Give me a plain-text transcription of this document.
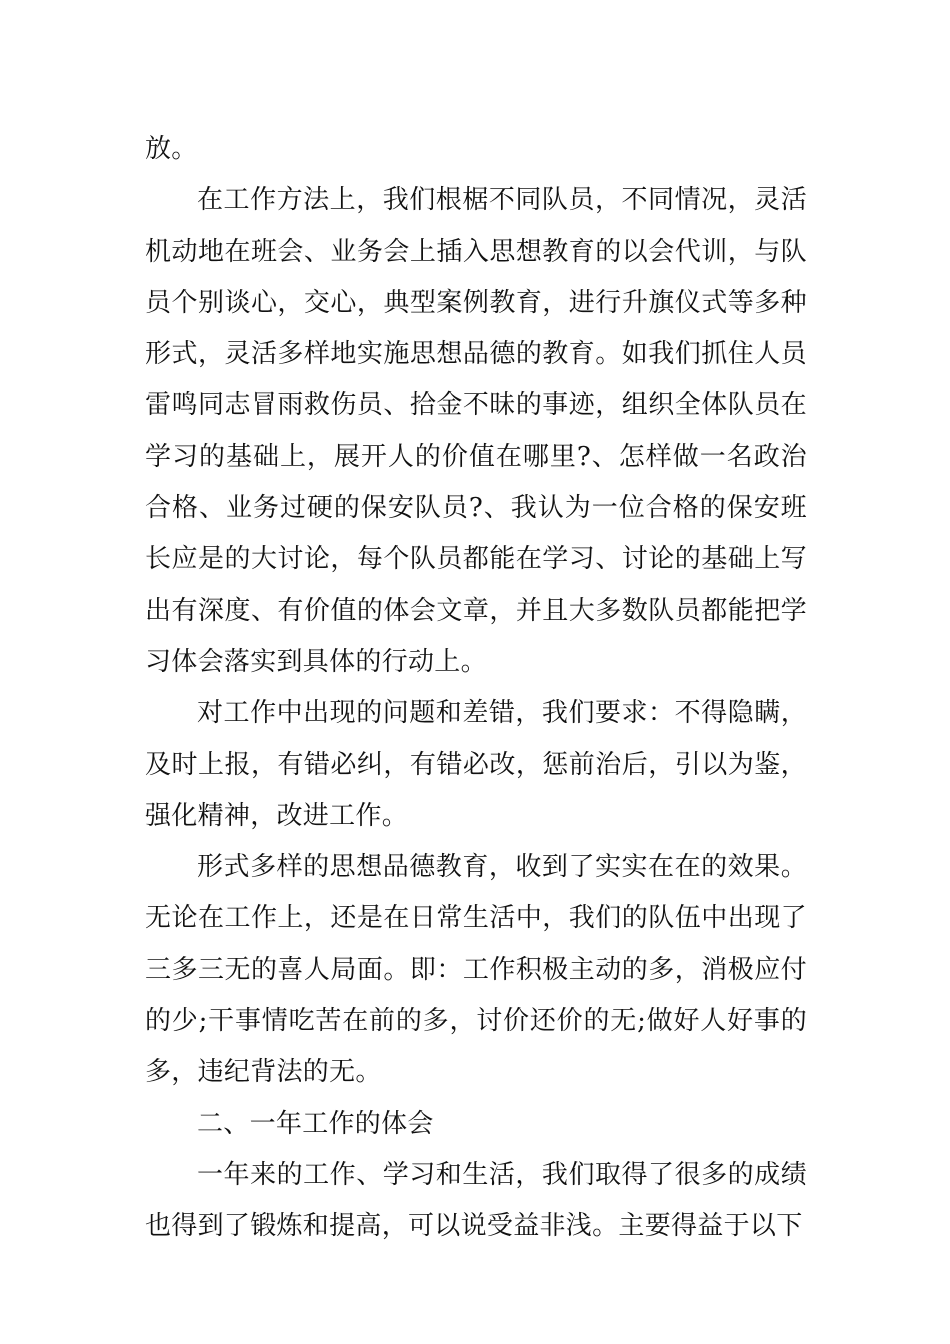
放。

在工作方法上，我们根椐不同队员，不同情况，灵活机动地在班会、业务会上插入思想教育的以会代训，与队员个别谈心，交心，典型案例教育，进行升旗仪式等多种形式，灵活多样地实施思想品德的教育。如我们抓住人员雷鸣同志冒雨救伤员、拾金不昧的事迹，组织全体队员在学习的基础上，展开人的价值在哪里?、怎样做一名政治合格、业务过硬的保安队员?、我认为一位合格的保安班长应是的大讨论，每个队员都能在学习、讨论的基础上写出有深度、有价值的体会文章，并且大多数队员都能把学习体会落实到具体的行动上。

对工作中出现的问题和差错，我们要求：不得隐瞒，及时上报，有错必纠，有错必改，惩前治后，引以为鉴，强化精神，改进工作。

形式多样的思想品德教育，收到了实实在在的效果。无论在工作上，还是在日常生活中，我们的队伍中出现了三多三无的喜人局面。即：工作积极主动的多，消极应付的少;干事情吃苦在前的多，讨价还价的无;做好人好事的多，违纪背法的无。

二、一年工作的体会

一年来的工作、学习和生活，我们取得了很多的成绩也得到了锻炼和提高，可以说受益非浅。主要得益于以下
